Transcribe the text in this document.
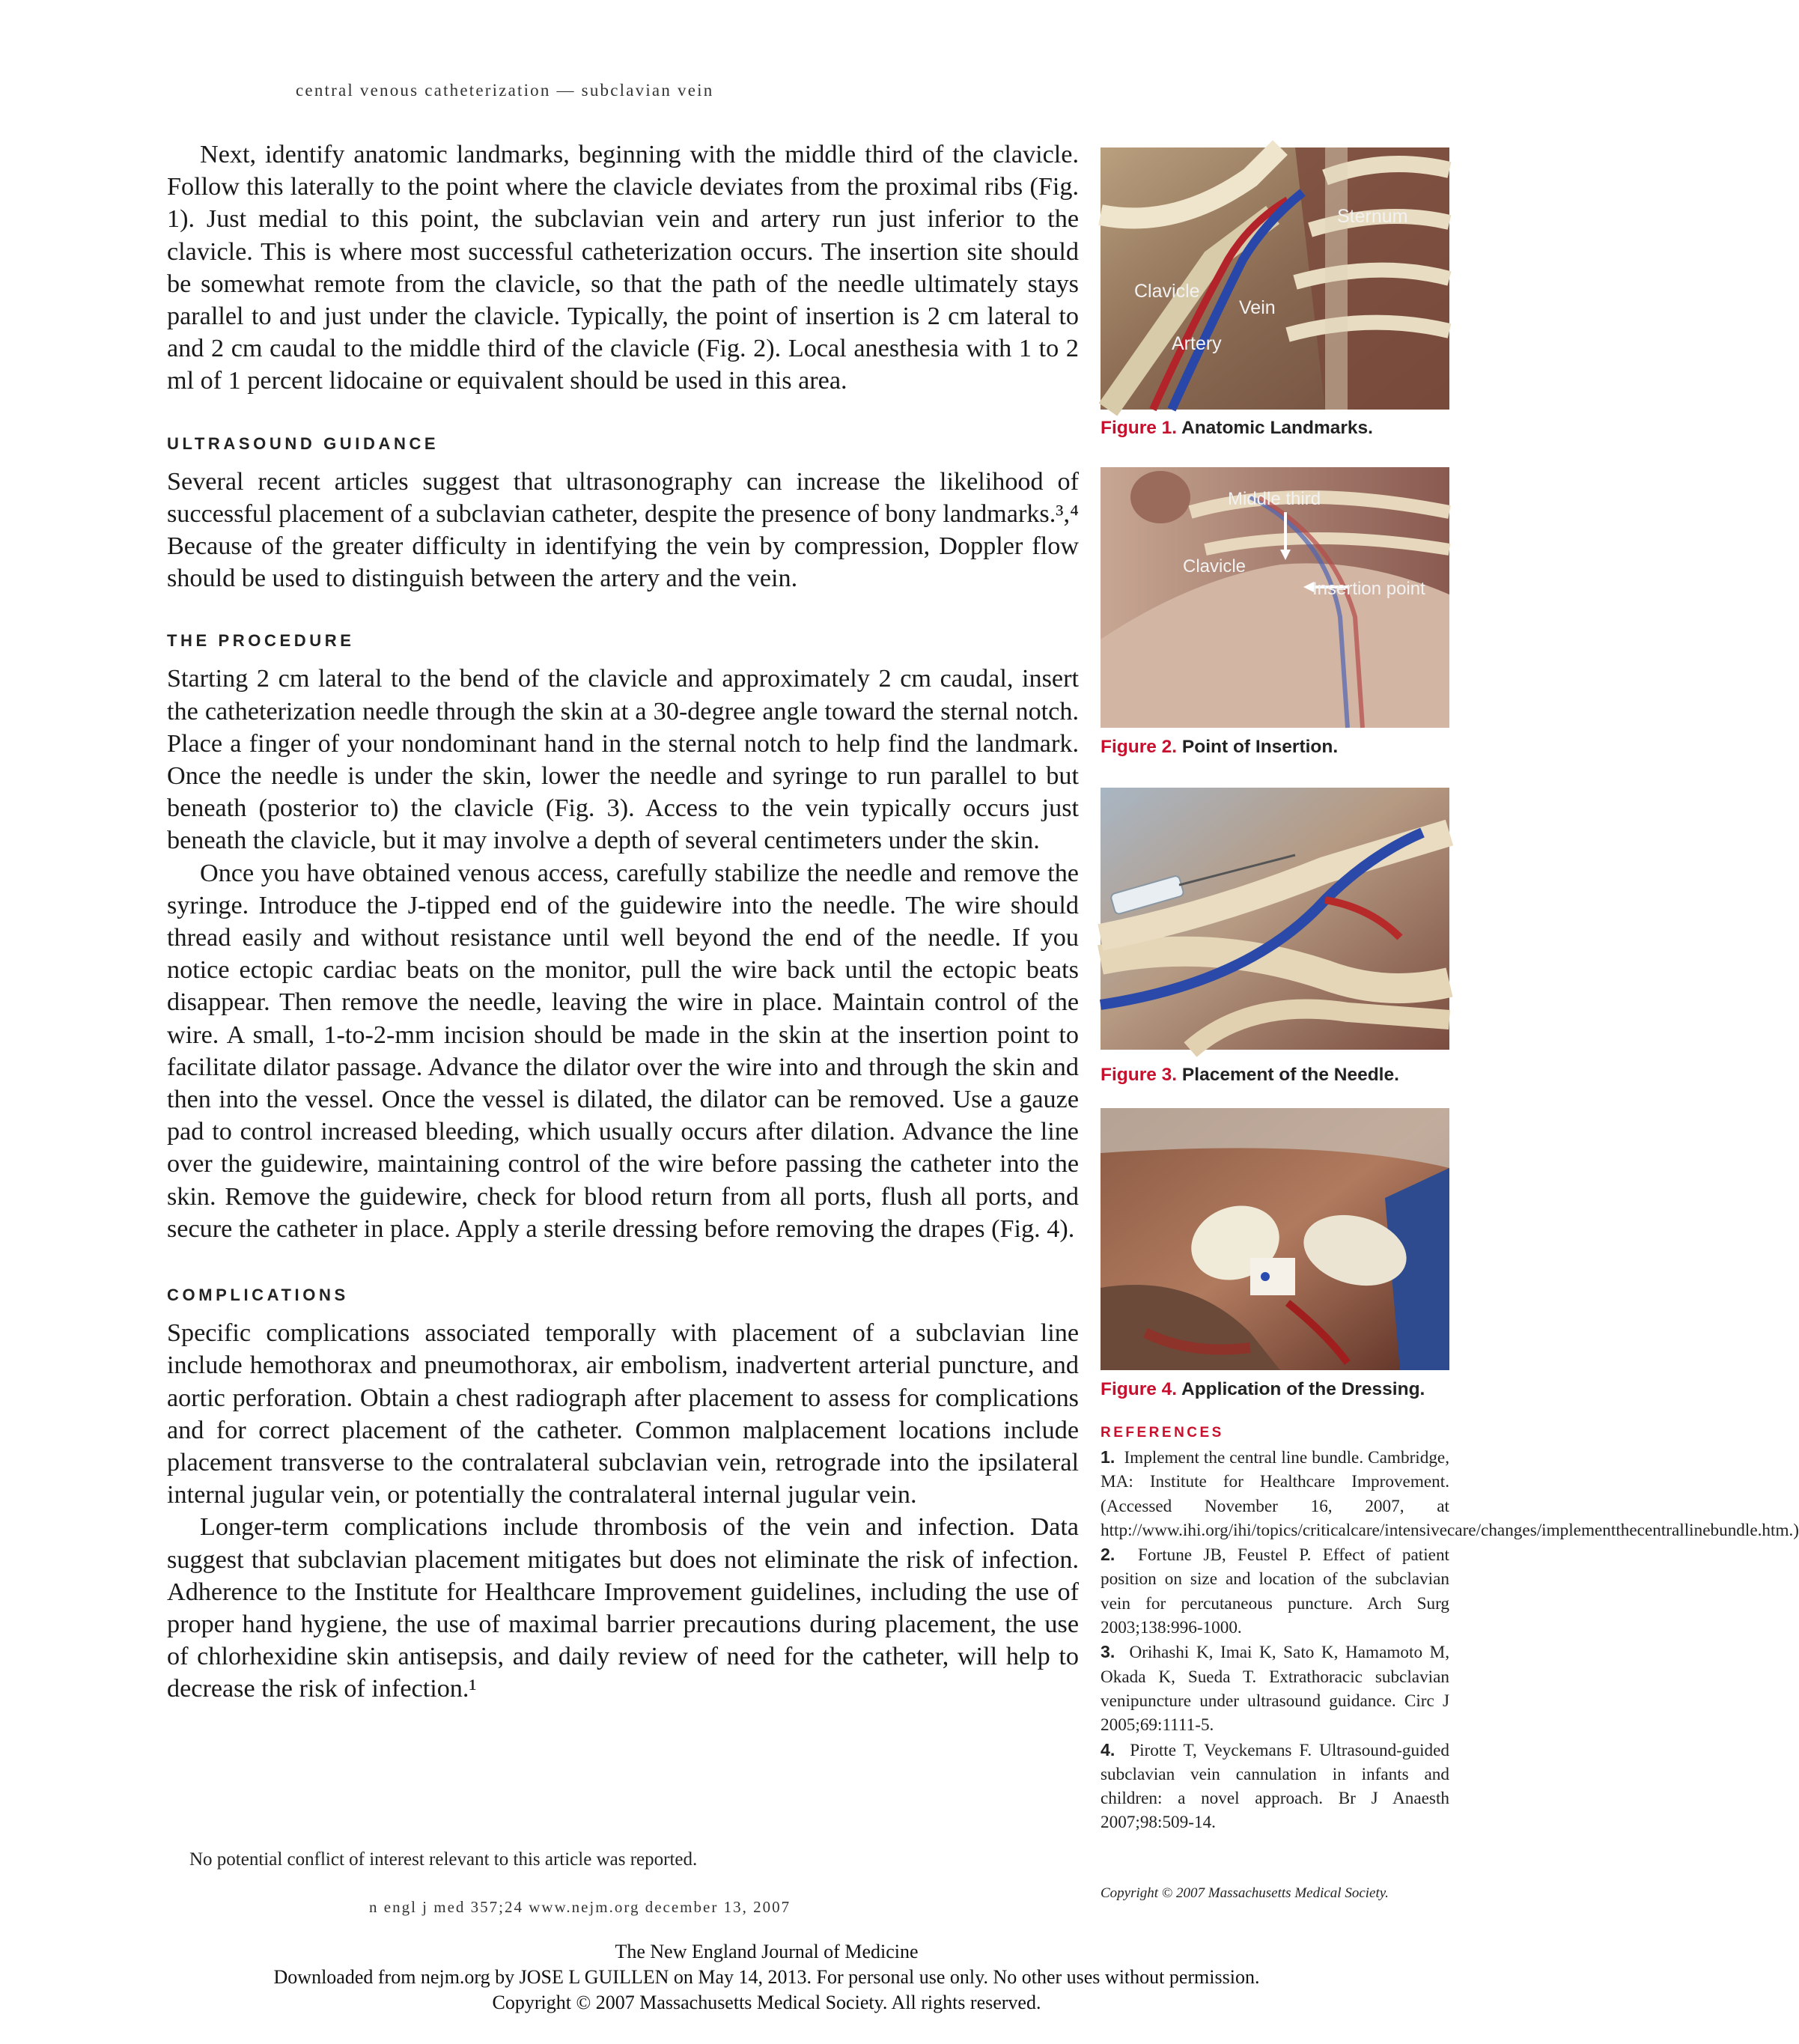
central venous catheterization — subclavian vein

Next, identify anatomic landmarks, beginning with the middle third of the clavicle. Follow this laterally to the point where the clavicle deviates from the proximal ribs (Fig. 1). Just medial to this point, the subclavian vein and artery run just inferior to the clavicle. This is where most successful catheterization occurs. The insertion site should be somewhat remote from the clavicle, so that the path of the needle ultimately stays parallel to and just under the clavicle. Typically, the point of insertion is 2 cm lateral to and 2 cm caudal to the middle third of the clavicle (Fig. 2). Local anesthesia with 1 to 2 ml of 1 percent lidocaine or equivalent should be used in this area.

ULTRASOUND GUIDANCE

Several recent articles suggest that ultrasonography can increase the likelihood of successful placement of a subclavian catheter, despite the presence of bony landmarks.³,⁴ Because of the greater difficulty in identifying the vein by compression, Doppler flow should be used to distinguish between the artery and the vein.

THE PROCEDURE

Starting 2 cm lateral to the bend of the clavicle and approximately 2 cm caudal, insert the catheterization needle through the skin at a 30-degree angle toward the sternal notch. Place a finger of your nondominant hand in the sternal notch to help find the landmark. Once the needle is under the skin, lower the needle and syringe to run parallel to but beneath (posterior to) the clavicle (Fig. 3). Access to the vein typically occurs just beneath the clavicle, but it may involve a depth of several centimeters under the skin.

Once you have obtained venous access, carefully stabilize the needle and remove the syringe. Introduce the J-tipped end of the guidewire into the needle. The wire should thread easily and without resistance until well beyond the end of the needle. If you notice ectopic cardiac beats on the monitor, pull the wire back until the ectopic beats disappear. Then remove the needle, leaving the wire in place. Maintain control of the wire. A small, 1-to-2-mm incision should be made in the skin at the insertion point to facilitate dilator passage. Advance the dilator over the wire into and through the skin and then into the vessel. Once the vessel is dilated, the dilator can be removed. Use a gauze pad to control increased bleeding, which usually occurs after dilation. Advance the line over the guidewire, maintaining control of the wire before passing the catheter into the skin. Remove the guidewire, check for blood return from all ports, flush all ports, and secure the catheter in place. Apply a sterile dressing before removing the drapes (Fig. 4).

COMPLICATIONS

Specific complications associated temporally with placement of a subclavian line include hemothorax and pneumothorax, air embolism, inadvertent arterial puncture, and aortic perforation. Obtain a chest radiograph after placement to assess for complications and for correct placement of the catheter. Common malplacement locations include placement transverse to the contralateral subclavian vein, retrograde into the ipsilateral internal jugular vein, or potentially the contralateral internal jugular vein.

Longer-term complications include thrombosis of the vein and infection. Data suggest that subclavian placement mitigates but does not eliminate the risk of infection. Adherence to the Institute for Healthcare Improvement guidelines, including the use of proper hand hygiene, the use of maximal barrier precautions during placement, the use of chlorhexidine skin antisepsis, and daily review of need for the catheter, will help to decrease the risk of infection.¹

No potential conflict of interest relevant to this article was reported.
n engl j med 357;24 www.nejm.org december 13, 2007
Sternum
Clavicle
Vein
Artery
Figure 1. Anatomic Landmarks.
Middle third
Clavicle
Insertion point
Figure 2. Point of Insertion.
Figure 3. Placement of the Needle.
Figure 4. Application of the Dressing.
REFERENCES

1. Implement the central line bundle. Cambridge, MA: Institute for Healthcare Improvement. (Accessed November 16, 2007, at http://www.ihi.org/ihi/topics/criticalcare/intensivecare/changes/implementthecentrallinebundle.htm.)

2. Fortune JB, Feustel P. Effect of patient position on size and location of the subclavian vein for percutaneous puncture. Arch Surg 2003;138:996-1000.

3. Orihashi K, Imai K, Sato K, Hamamoto M, Okada K, Sueda T. Extrathoracic subclavian venipuncture under ultrasound guidance. Circ J 2005;69:1111-5.

4. Pirotte T, Veyckemans F. Ultrasound-guided subclavian vein cannulation in infants and children: a novel approach. Br J Anaesth 2007;98:509-14.

Copyright © 2007 Massachusetts Medical Society.
The New England Journal of Medicine
Downloaded from nejm.org by JOSE L GUILLEN on May 14, 2013. For personal use only. No other uses without permission.
Copyright © 2007 Massachusetts Medical Society. All rights reserved.
